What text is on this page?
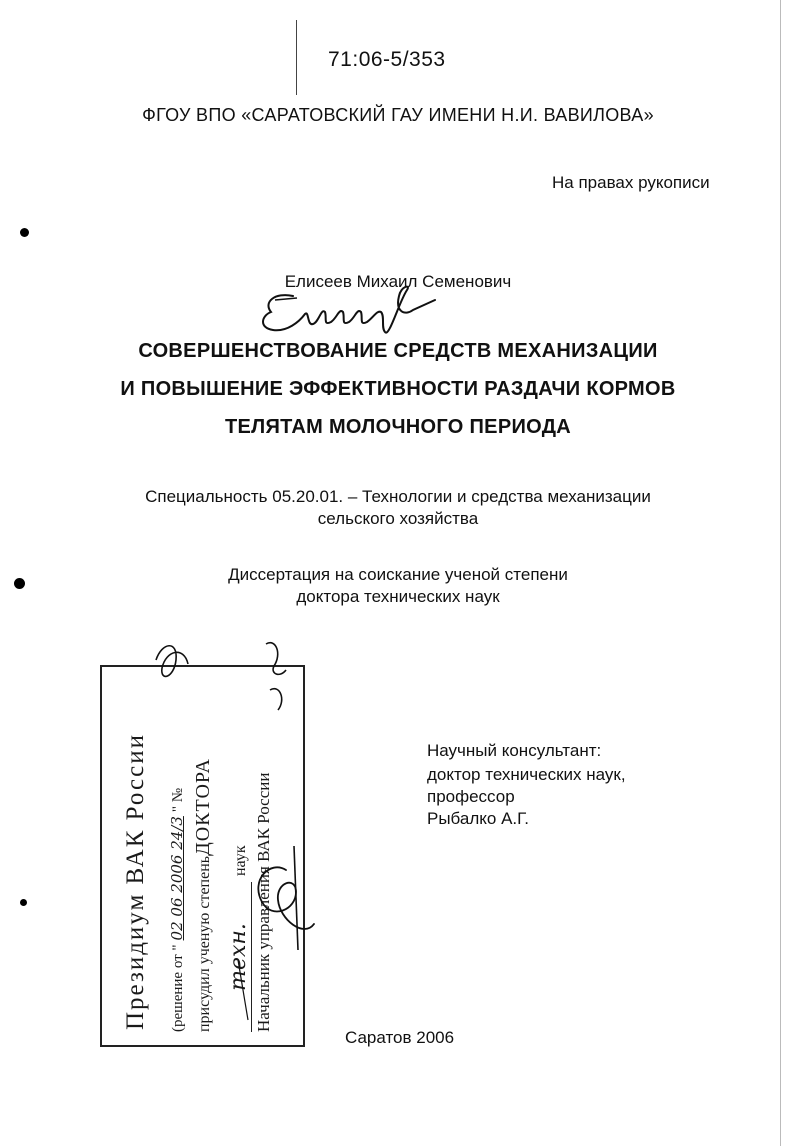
71:06-5/353
ФГОУ ВПО «САРАТОВСКИЙ ГАУ ИМЕНИ Н.И. ВАВИЛОВА»
На правах рукописи
Елисеев Михаил Семенович
СОВЕРШЕНСТВОВАНИЕ СРЕДСТВ МЕХАНИЗАЦИИ
И ПОВЫШЕНИЕ ЭФФЕКТИВНОСТИ РАЗДАЧИ КОРМОВ
ТЕЛЯТАМ МОЛОЧНОГО ПЕРИОДА
Специальность 05.20.01. – Технологии и средства механизации
сельского хозяйства
Диссертация на соискание ученой степени
доктора технических наук
Научный консультант:
доктор технических наук,
профессор
Рыбалко А.Г.
Саратов 2006
Президиум ВАК России (решение от "02 06 2006 24/3" №
присудил ученую степеньДОКТОРА
техн.наук Начальник управления ВАК России
